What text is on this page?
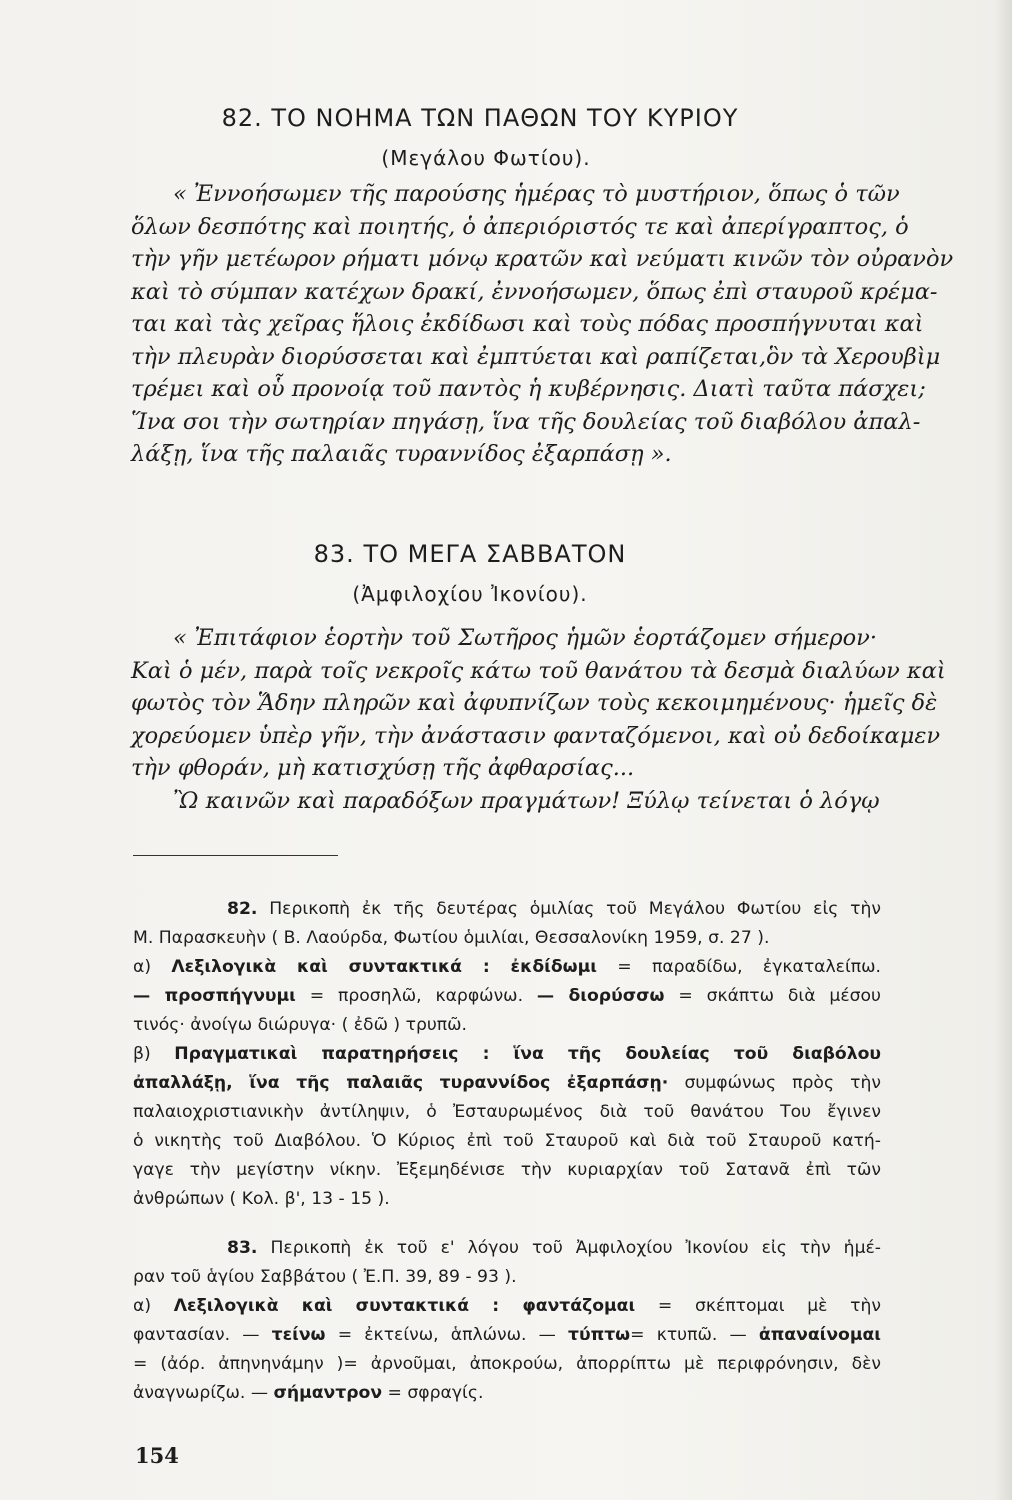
82. ΤΟ ΝΟΗΜΑ ΤΩΝ ΠΑΘΩΝ ΤΟΥ ΚΥΡΙΟΥ
(Μεγάλου Φωτίου).
« Ἐννοήσωμεν τῆς παρούσης ἡμέρας τὸ μυστήριον, ὅπως ὁ τῶν
ὅλων δεσπότης καὶ ποιητής, ὁ ἀπεριόριστός τε καὶ ἀπερίγραπτος, ὁ
τὴν γῆν μετέωρον ρήματι μόνῳ κρατῶν καὶ νεύματι κινῶν τὸν οὐρανὸν
καὶ τὸ σύμπαν κατέχων δρακί, ἐννοήσωμεν, ὅπως ἐπὶ σταυροῦ κρέμα-
ται καὶ τὰς χεῖρας ἥλοις ἐκδίδωσι καὶ τοὺς πόδας προσπήγνυται καὶ
τὴν πλευρὰν διορύσσεται καὶ ἐμπτύεται καὶ ραπίζεται,ὃν τὰ Χερουβὶμ
τρέμει καὶ οὗ προνοίᾳ τοῦ παντὸς ἡ κυβέρνησις. Διατὶ ταῦτα πάσχει;
Ἵνα σοι τὴν σωτηρίαν πηγάσῃ, ἵνα τῆς δουλείας τοῦ διαβόλου ἀπαλ-
λάξῃ, ἵνα τῆς παλαιᾶς τυραννίδος ἐξαρπάσῃ ».
83. ΤΟ ΜΕΓΑ ΣΑΒΒΑΤΟΝ
(Ἀμφιλοχίου Ἰκονίου).
« Ἐπιτάφιον ἑορτὴν τοῦ Σωτῆρος ἡμῶν ἑορτάζομεν σήμερον·
Καὶ ὁ μέν, παρὰ τοῖς νεκροῖς κάτω τοῦ θανάτου τὰ δεσμὰ διαλύων καὶ
φωτὸς τὸν Ἅδην πληρῶν καὶ ἀφυπνίζων τοὺς κεκοιμημένους· ἡμεῖς δὲ
χορεύομεν ὑπὲρ γῆν, τὴν ἀνάστασιν φανταζόμενοι, καὶ οὐ δεδοίκαμεν
τὴν φθοράν, μὴ κατισχύσῃ τῆς ἀφθαρσίας...
Ὢ καινῶν καὶ παραδόξων πραγμάτων! Ξύλῳ τείνεται ὁ λόγῳ
82. Περικοπὴ ἐκ τῆς δευτέρας ὁμιλίας τοῦ Μεγάλου Φωτίου εἰς τὴν
Μ. Παρασκευὴν ( Β. Λαούρδα, Φωτίου ὁμιλίαι, Θεσσαλονίκη 1959, σ. 27 ).
α) Λεξιλογικὰ καὶ συντακτικά : ἐκδίδωμι = παραδίδω, ἐγκαταλείπω.
— προσπήγνυμι = προσηλῶ, καρφώνω. — διορύσσω = σκάπτω διὰ μέσου
τινός· ἀνοίγω διώρυγα· ( ἐδῶ ) τρυπῶ.
β) Πραγματικαὶ παρατηρήσεις : ἵνα τῆς δουλείας τοῦ διαβόλου
ἀπαλλάξῃ, ἵνα τῆς παλαιᾶς τυραννίδος ἐξαρπάσῃ· συμφώνως πρὸς τὴν
παλαιοχριστιανικὴν ἀντίληψιν, ὁ Ἐσταυρωμένος διὰ τοῦ θανάτου Του ἔγινεν
ὁ νικητὴς τοῦ Διαβόλου. Ὁ Κύριος ἐπὶ τοῦ Σταυροῦ καὶ διὰ τοῦ Σταυροῦ κατή-
γαγε τὴν μεγίστην νίκην. Ἐξεμηδένισε τὴν κυριαρχίαν τοῦ Σατανᾶ ἐπὶ τῶν
ἀνθρώπων ( Κολ. β', 13 - 15 ).
83. Περικοπὴ ἐκ τοῦ ε' λόγου τοῦ Ἀμφιλοχίου Ἰκονίου εἰς τὴν ἡμέ-
ραν τοῦ ἁγίου Σαββάτου ( Ἐ.Π. 39, 89 - 93 ).
α) Λεξιλογικὰ καὶ συντακτικά : φαντάζομαι = σκέπτομαι μὲ τὴν
φαντασίαν. — τείνω = ἐκτείνω, ἁπλώνω. — τύπτω= κτυπῶ. — ἀπαναίνομαι
= (ἀόρ. ἀπηνηνάμην )= ἀρνοῦμαι, ἀποκρούω, ἀπορρίπτω μὲ περιφρόνησιν, δὲν
ἀναγνωρίζω. — σήμαντρον = σφραγίς.
154
